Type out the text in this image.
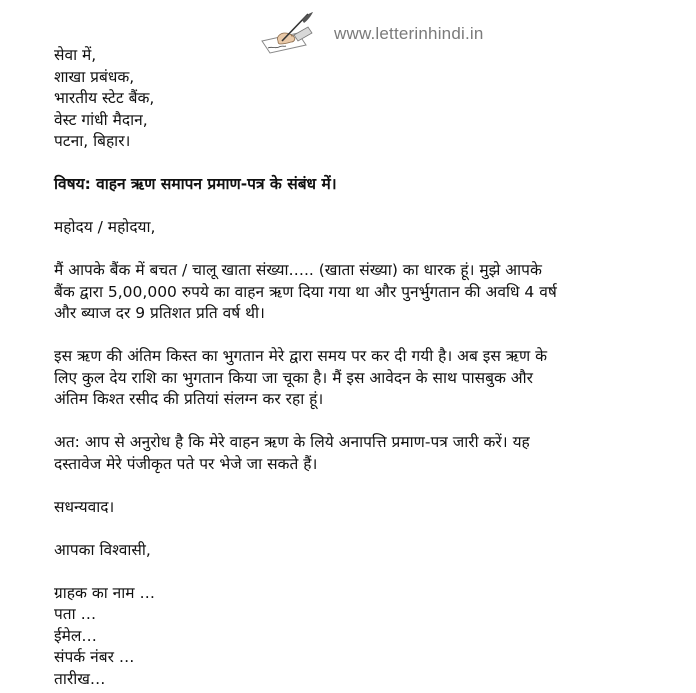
www.letterinhindi.in
सेवा में,
शाखा प्रबंधक,
भारतीय स्टेट बैंक,
वेस्ट गांधी मैदान,
पटना, बिहार।
विषय: वाहन ऋण समापन प्रमाण-पत्र के संबंध में।
महोदय / महोदया,
मैं आपके बैंक में बचत / चालू खाता संख्या….. (खाता संख्या) का धारक हूं। मुझे आपके
बैंक द्वारा 5,00,000 रुपये का वाहन ऋण दिया गया था और पुनर्भुगतान की अवधि 4 वर्ष
और ब्याज दर 9 प्रतिशत प्रति वर्ष थी।
इस ऋण की अंतिम किस्त का भुगतान मेरे द्वारा समय पर कर दी गयी है। अब इस ऋण के
लिए कुल देय राशि का भुगतान किया जा चूका है। मैं इस आवेदन के साथ पासबुक और
अंतिम किश्त रसीद की प्रतियां संलग्न कर रहा हूं।
अत: आप से अनुरोध है कि मेरे वाहन ऋण के लिये अनापत्ति प्रमाण-पत्र जारी करें। यह
दस्तावेज मेरे पंजीकृत पते पर भेजे जा सकते हैं।
सधन्यवाद।
आपका विश्वासी,
ग्राहक का नाम …
पता …
ईमेल…
संपर्क नंबर …
तारीख…
